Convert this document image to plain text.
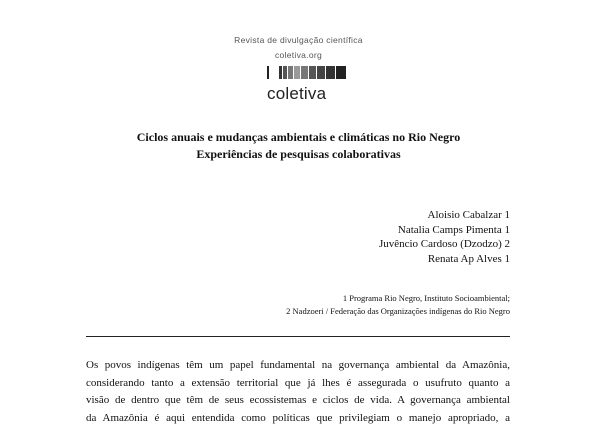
Revista de divulgação científica
coletiva.org
coletiva
Ciclos anuais e mudanças ambientais e climáticas no Rio Negro
Experiências de pesquisas colaborativas
Aloisio Cabalzar 1
Natalia Camps Pimenta 1
Juvêncio Cardoso (Dzodzo) 2
Renata Ap Alves 1
1 Programa Rio Negro, Instituto Socioambiental;
2 Nadzoeri / Federação das Organizações indígenas do Rio Negro
Os povos indígenas têm um papel fundamental na governança ambiental da Amazônia,
considerando tanto a extensão territorial que já lhes é assegurada o usufruto quanto a
visão de dentro que têm de seus ecossistemas e ciclos de vida. A governança ambiental
da Amazônia é aqui entendida como políticas que privilegiam o manejo apropriado, a
